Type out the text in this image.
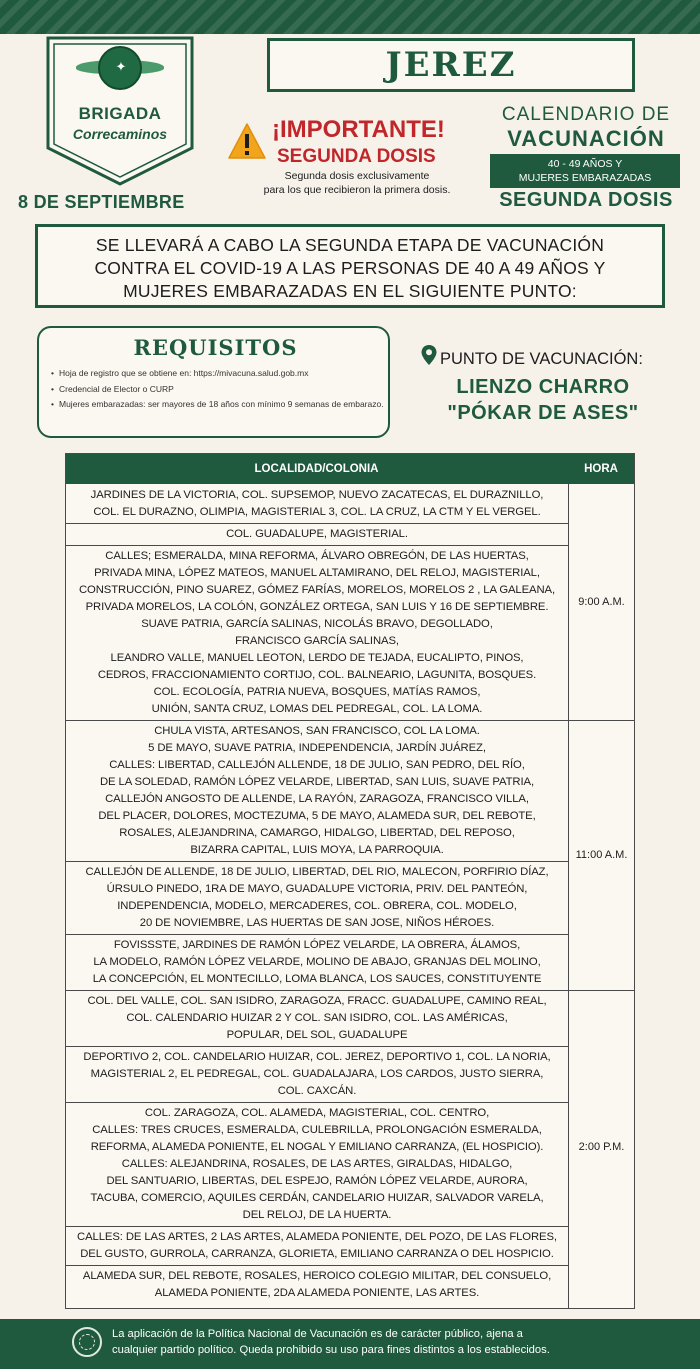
✦
BRIGADA
Correcaminos
8 DE SEPTIEMBRE
JEREZ
¡IMPORTANTE!
SEGUNDA DOSIS
Segunda dosis exclusivamente
para los que recibieron la primera dosis.
CALENDARIO DE
VACUNACIÓN
40 - 49 AÑOS Y
MUJERES EMBARAZADAS
SEGUNDA DOSIS
SE LLEVARÁ A CABO LA SEGUNDA ETAPA DE VACUNACIÓN
CONTRA EL COVID-19 A LAS PERSONAS DE 40 A 49 AÑOS Y
MUJERES EMBARAZADAS EN EL SIGUIENTE PUNTO:
REQUISITOS
• Hoja de registro que se obtiene en: https://mivacuna.salud.gob.mx
• Credencial de Elector o CURP
• Mujeres embarazadas: ser mayores de 18 años con mínimo 9 semanas de embarazo.
PUNTO DE VACUNACIÓN:
LIENZO CHARRO
"PÓKAR DE ASES"
LOCALIDAD/COLONIA	HORA
JARDINES DE LA VICTORIA, COL. SUPSEMOP, NUEVO ZACATECAS, EL DURAZNILLO,
COL. EL DURAZNO, OLIMPIA, MAGISTERIAL 3, COL. LA CRUZ, LA CTM Y EL VERGEL.
COL. GUADALUPE, MAGISTERIAL.
CALLES; ESMERALDA, MINA REFORMA, ÁLVARO OBREGÓN, DE LAS HUERTAS,
PRIVADA MINA, LÓPEZ MATEOS, MANUEL ALTAMIRANO, DEL RELOJ, MAGISTERIAL,
CONSTRUCCIÓN, PINO SUAREZ, GÓMEZ FARÍAS, MORELOS, MORELOS 2 , LA GALEANA,
PRIVADA MORELOS, LA COLÓN, GONZÁLEZ ORTEGA, SAN LUIS Y 16 DE SEPTIEMBRE.
SUAVE PATRIA, GARCÍA SALINAS, NICOLÁS BRAVO, DEGOLLADO,
FRANCISCO GARCÍA SALINAS,
LEANDRO VALLE, MANUEL LEOTON, LERDO DE TEJADA, EUCALIPTO, PINOS,
CEDROS, FRACCIONAMIENTO CORTIJO, COL. BALNEARIO, LAGUNITA, BOSQUES.
COL. ECOLOGÍA, PATRIA NUEVA, BOSQUES, MATÍAS RAMOS,
UNIÓN, SANTA CRUZ, LOMAS DEL PEDREGAL, COL. LA LOMA.
9:00 A.M.
CHULA VISTA, ARTESANOS, SAN FRANCISCO, COL LA LOMA.
5 DE MAYO, SUAVE PATRIA, INDEPENDENCIA, JARDÍN JUÁREZ,
CALLES: LIBERTAD, CALLEJÓN ALLENDE, 18 DE JULIO, SAN PEDRO, DEL RÍO,
DE LA SOLEDAD, RAMÓN LÓPEZ VELARDE, LIBERTAD, SAN LUIS, SUAVE PATRIA,
CALLEJÓN ANGOSTO DE ALLENDE, LA RAYÓN, ZARAGOZA, FRANCISCO VILLA,
DEL PLACER, DOLORES, MOCTEZUMA, 5 DE MAYO, ALAMEDA SUR, DEL REBOTE,
ROSALES, ALEJANDRINA, CAMARGO, HIDALGO, LIBERTAD, DEL REPOSO,
BIZARRA CAPITAL, LUIS MOYA, LA PARROQUIA.
CALLEJÓN DE ALLENDE, 18 DE JULIO, LIBERTAD, DEL RIO, MALECON, PORFIRIO DÍAZ,
ÚRSULO PINEDO, 1RA DE MAYO, GUADALUPE VICTORIA, PRIV. DEL PANTEÓN,
INDEPENDENCIA, MODELO, MERCADERES, COL. OBRERA, COL. MODELO,
20 DE NOVIEMBRE, LAS HUERTAS DE SAN JOSE, NIÑOS HÉROES.
FOVISSSTE, JARDINES DE RAMÓN LÓPEZ VELARDE, LA OBRERA, ÁLAMOS,
LA MODELO, RAMÓN LÓPEZ VELARDE, MOLINO DE ABAJO, GRANJAS DEL MOLINO,
LA CONCEPCIÓN, EL MONTECILLO, LOMA BLANCA, LOS SAUCES, CONSTITUYENTE
11:00 A.M.
COL. DEL VALLE, COL. SAN ISIDRO, ZARAGOZA, FRACC. GUADALUPE, CAMINO REAL,
COL. CALENDARIO HUIZAR 2 Y COL. SAN ISIDRO, COL. LAS AMÉRICAS,
POPULAR, DEL SOL, GUADALUPE
DEPORTIVO 2, COL. CANDELARIO HUIZAR, COL. JEREZ, DEPORTIVO 1, COL. LA NORIA,
MAGISTERIAL 2, EL PEDREGAL, COL. GUADALAJARA, LOS CARDOS, JUSTO SIERRA,
COL. CAXCÁN.
COL. ZARAGOZA, COL. ALAMEDA, MAGISTERIAL, COL. CENTRO,
CALLES: TRES CRUCES, ESMERALDA, CULEBRILLA, PROLONGACIÓN ESMERALDA,
REFORMA, ALAMEDA PONIENTE, EL NOGAL Y EMILIANO CARRANZA, (EL HOSPICIO).
CALLES: ALEJANDRINA, ROSALES, DE LAS ARTES, GIRALDAS, HIDALGO,
DEL SANTUARIO, LIBERTAS, DEL ESPEJO, RAMÓN LÓPEZ VELARDE, AURORA,
TACUBA, COMERCIO, AQUILES CERDÁN, CANDELARIO HUIZAR, SALVADOR VARELA,
DEL RELOJ, DE LA HUERTA.
CALLES: DE LAS ARTES, 2 LAS ARTES, ALAMEDA PONIENTE, DEL POZO, DE LAS FLORES,
DEL GUSTO, GURROLA, CARRANZA, GLORIETA, EMILIANO CARRANZA O DEL HOSPICIO.
ALAMEDA SUR, DEL REBOTE, ROSALES, HEROICO COLEGIO MILITAR, DEL CONSUELO,
ALAMEDA PONIENTE, 2DA ALAMEDA PONIENTE, LAS ARTES.
2:00 P.M.
La aplicación de la Política Nacional de Vacunación es de carácter público, ajena a
cualquier partido político. Queda prohibido su uso para fines distintos a los establecidos.
